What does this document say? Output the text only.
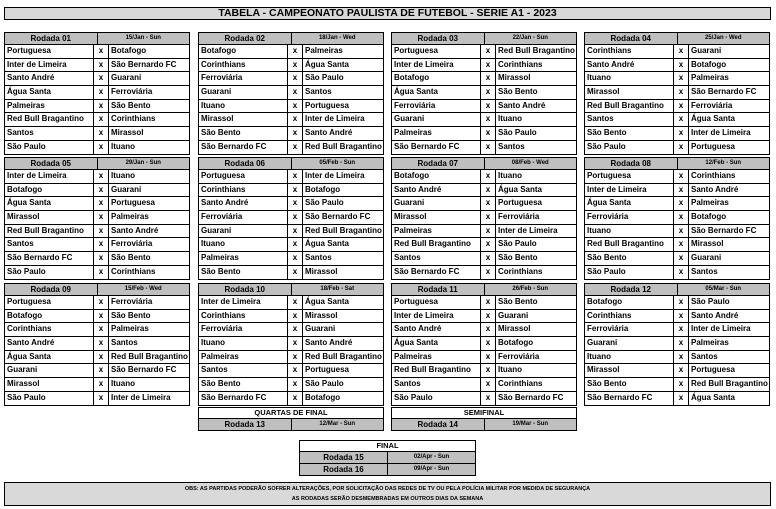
TABELA - CAMPEONATO PAULISTA DE FUTEBOL - SÉRIE A1 - 2023
Rodada 01	15/Jan - Sun
Portuguesa	x Botafogo
Inter de Limeira	x São Bernardo FC
Santo André	x Guarani
Água Santa	x Ferroviária
Palmeiras	x São Bento
Red Bull Bragantino	x Corinthians
Santos	x Mirassol
São Paulo	x Ituano
Rodada 02	18/Jan - Wed
Botafogo	x Palmeiras
Corinthians	x Água Santa
Ferroviária	x São Paulo
Guarani	x Santos
Ituano	x Portuguesa
Mirassol	x Inter de Limeira
São Bento	x Santo André
São Bernardo FC	x Red Bull Bragantino
Rodada 03	22/Jan - Sun
Portuguesa	x Red Bull Bragantino
Inter de Limeira	x Corinthians
Botafogo	x Mirassol
Água Santa	x São Bento
Ferroviária	x Santo André
Guarani	x Ituano
Palmeiras	x São Paulo
São Bernardo FC	x Santos
Rodada 04	25/Jan - Wed
Corinthians	x Guarani
Santo André	x Botafogo
Ituano	x Palmeiras
Mirassol	x São Bernardo FC
Red Bull Bragantino	x Ferroviária
Santos	x Água Santa
São Bento	x Inter de Limeira
São Paulo	x Portuguesa
Rodada 05	29/Jan - Sun
Inter de Limeira	x Ituano
Botafogo	x Guarani
Água Santa	x Portuguesa
Mirassol	x Palmeiras
Red Bull Bragantino	x Santo André
Santos	x Ferroviária
São Bernardo FC	x São Bento
São Paulo	x Corinthians
Rodada 06	05/Feb - Sun
Portuguesa	x Inter de Limeira
Corinthians	x Botafogo
Santo André	x São Paulo
Ferroviária	x São Bernardo FC
Guarani	x Red Bull Bragantino
Ituano	x Água Santa
Palmeiras	x Santos
São Bento	x Mirassol
Rodada 07	08/Feb - Wed
Botafogo	x Ituano
Santo André	x Água Santa
Guarani	x Portuguesa
Mirassol	x Ferroviária
Palmeiras	x Inter de Limeira
Red Bull Bragantino	x São Paulo
Santos	x São Bento
São Bernardo FC	x Corinthians
Rodada 08	12/Feb - Sun
Portuguesa	x Corinthians
Inter de Limeira	x Santo André
Água Santa	x Palmeiras
Ferroviária	x Botafogo
Ituano	x São Bernardo FC
Red Bull Bragantino	x Mirassol
São Bento	x Guarani
São Paulo	x Santos
Rodada 09	15/Feb - Wed
Portuguesa	x Ferroviária
Botafogo	x São Bento
Corinthians	x Palmeiras
Santo André	x Santos
Água Santa	x Red Bull Bragantino
Guarani	x São Bernardo FC
Mirassol	x Ituano
São Paulo	x Inter de Limeira
Rodada 10	18/Feb - Sat
Inter de Limeira	x Água Santa
Corinthians	x Mirassol
Ferroviária	x Guarani
Ituano	x Santo André
Palmeiras	x Red Bull Bragantino
Santos	x Portuguesa
São Bento	x São Paulo
São Bernardo FC	x Botafogo
Rodada 11	26/Feb - Sun
Portuguesa	x São Bento
Inter de Limeira	x Guarani
Santo André	x Mirassol
Água Santa	x Botafogo
Palmeiras	x Ferroviária
Red Bull Bragantino	x Ituano
Santos	x Corinthians
São Paulo	x São Bernardo FC
Rodada 12	05/Mar - Sun
Botafogo	x São Paulo
Corinthians	x Santo André
Ferroviária	x Inter de Limeira
Guarani	x Palmeiras
Ituano	x Santos
Mirassol	x Portuguesa
São Bento	x Red Bull Bragantino
São Bernardo FC	x Água Santa
QUARTAS DE FINAL
Rodada 13	12/Mar - Sun
SEMIFINAL
Rodada 14	19/Mar - Sun
FINAL
Rodada 15	02/Apr - Sun
Rodada 16	09/Apr - Sun
OBS: AS PARTIDAS PODERÃO SOFRER ALTERAÇÕES, POR SOLICITAÇÃO DAS REDES DE TV OU PELA POLÍCIA MILITAR POR MEDIDA DE SEGURANÇA
AS RODADAS SERÃO DESMEMBRADAS EM OUTROS DIAS DA SEMANA
